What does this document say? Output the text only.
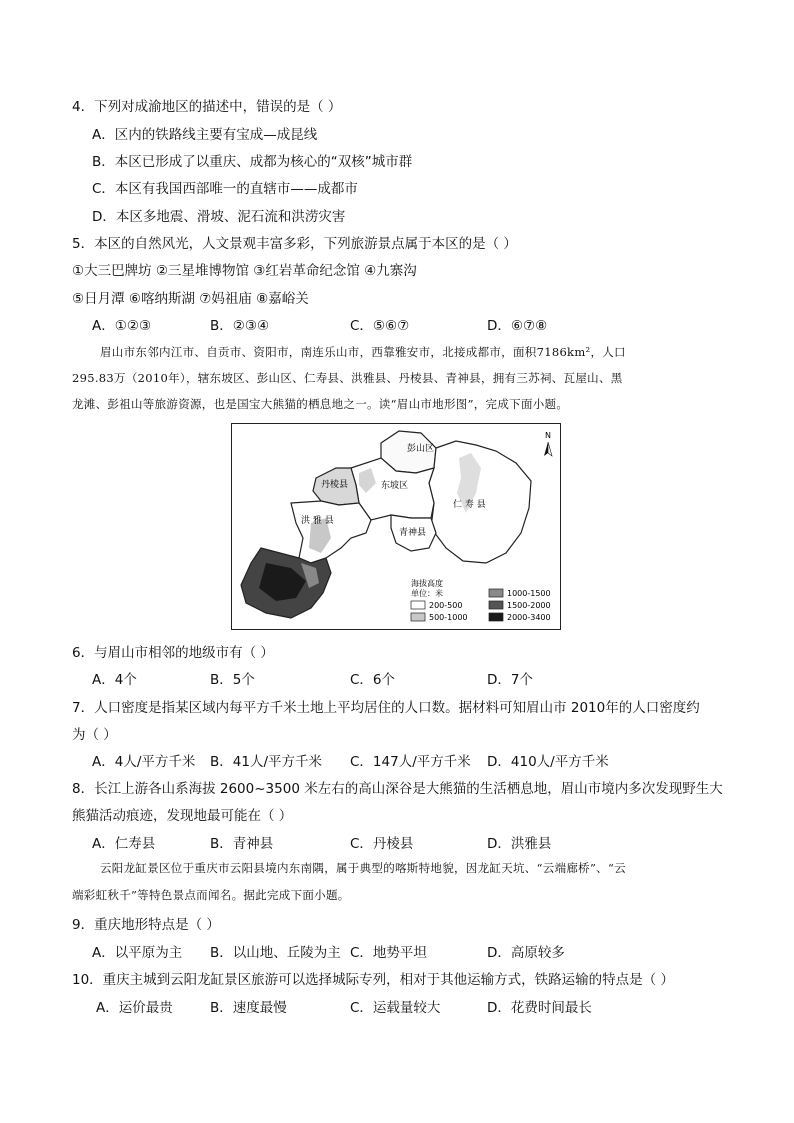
4．下列对成渝地区的描述中，错误的是（ ）
A．区内的铁路线主要有宝成—成昆线
B．本区已形成了以重庆、成都为核心的“双核”城市群
C．本区有我国西部唯一的直辖市——成都市
D．本区多地震、滑坡、泥石流和洪涝灾害
5．本区的自然风光，人文景观丰富多彩，下列旅游景点属于本区的是（ ）
①大三巴牌坊 ②三星堆博物馆 ③红岩革命纪念馆 ④九寨沟
⑤日月潭 ⑥喀纳斯湖 ⑦妈祖庙 ⑧嘉峪关
A．①②③	B．②③④	C．⑤⑥⑦	D．⑥⑦⑧
眉山市东邻内江市、自贡市、资阳市，南连乐山市，西靠雅安市，北接成都市，面积7186km²，人口
295.83万（2010年），辖东坡区、彭山区、仁寿县、洪雅县、丹棱县、青神县，拥有三苏祠、瓦屋山、黑
龙滩、彭祖山等旅游资源，也是国宝大熊猫的栖息地之一。读“眉山市地形图”，完成下面小题。
彭山区
丹棱县	东坡区
仁 寿 县
洪 雅 县
青神县
N
海拔高度
单位：米
200-500
500-1000
1000-1500
1500-2000
2000-3400
6．与眉山市相邻的地级市有（ ）
A．4个	B．5个	C．6个	D．7个
7．人口密度是指某区域内每平方千米土地上平均居住的人口数。据材料可知眉山市 2010年的人口密度约
为（ ）
A．4人/平方千米 B．41人/平方千米 C．147人/平方千米 D．410人/平方千米
8．长江上游各山系海拔 2600~3500 米左右的高山深谷是大熊猫的生活栖息地，眉山市境内多次发现野生大
熊猫活动痕迹，发现地最可能在（ ）
A．仁寿县	B．青神县	C．丹棱县	D．洪雅县
云阳龙缸景区位于重庆市云阳县境内东南隅，属于典型的喀斯特地貌，因龙缸天坑、“云端廊桥”、“云
端彩虹秋千”等特色景点而闻名。据此完成下面小题。
9．重庆地形特点是（ ）
A．以平原为主 B．以山地、丘陵为主 C．地势平坦	D．高原较多
10．重庆主城到云阳龙缸景区旅游可以选择城际专列，相对于其他运输方式，铁路运输的特点是（ ）
A．运价最贵	B．速度最慢	C．运载量较大	D．花费时间最长
